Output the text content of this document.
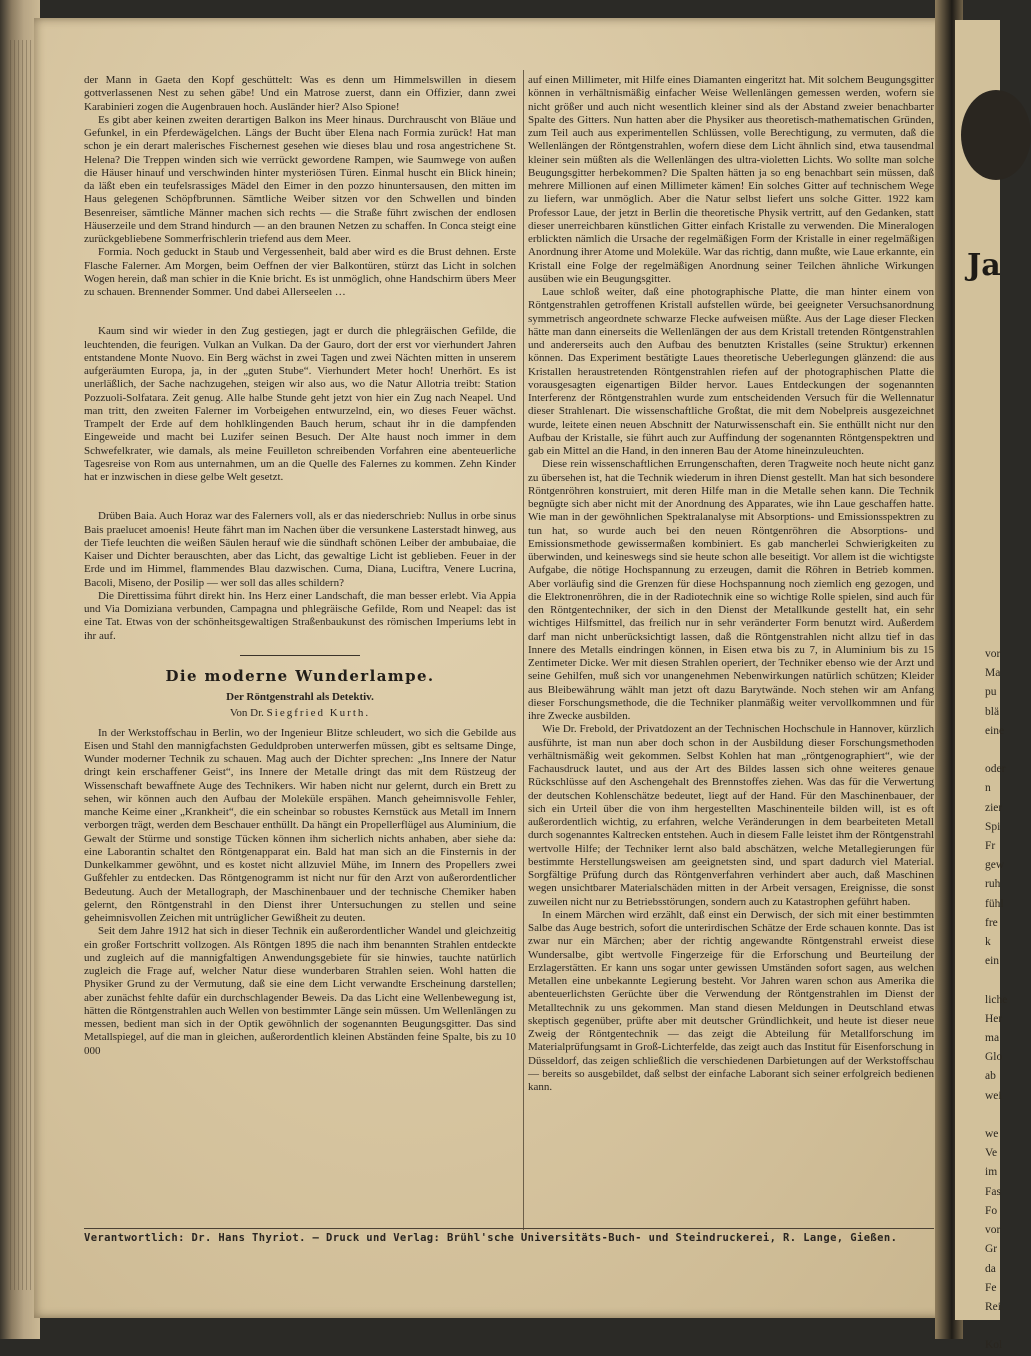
der Mann in Gaeta den Kopf geschüttelt: Was es denn um Himmelswillen in diesem gottverlassenen Nest zu sehen gäbe! Und ein Matrose zuerst, dann ein Offizier, dann zwei Karabinieri zogen die Augenbrauen hoch. Ausländer hier? Also Spione!

Es gibt aber keinen zweiten derartigen Balkon ins Meer hinaus. Durchrauscht von Bläue und Gefunkel, in ein Pferdewägelchen. Längs der Bucht über Elena nach Formia zurück! Hat man schon je ein derart malerisches Fischernest gesehen wie dieses blau und rosa angestrichene St. Helena? Die Treppen winden sich wie verrückt gewordene Rampen, wie Saumwege von außen die Häuser hinauf und verschwinden hinter mysteriösen Türen. Einmal huscht ein Blick hinein; da läßt eben ein teufelsrassiges Mädel den Eimer in den pozzo hinuntersausen, den mitten im Haus gelegenen Schöpfbrunnen. Sämtliche Weiber sitzen vor den Schwellen und binden Besenreiser, sämtliche Männer machen sich rechts — die Straße führt zwischen der endlosen Häuserzeile und dem Strand hindurch — an den braunen Netzen zu schaffen. In Conca steigt eine zurückgebliebene Sommerfrischlerin triefend aus dem Meer.

Formia. Noch geduckt in Staub und Vergessenheit, bald aber wird es die Brust dehnen. Erste Flasche Falerner. Am Morgen, beim Oeffnen der vier Balkontüren, stürzt das Licht in solchen Wogen herein, daß man schier in die Knie bricht. Es ist unmöglich, ohne Handschirm übers Meer zu schauen. Brennender Sommer. Und dabei Allerseelen …

Kaum sind wir wieder in den Zug gestiegen, jagt er durch die phlegräischen Gefilde, die leuchtenden, die feurigen. Vulkan an Vulkan. Da der Gauro, dort der erst vor vierhundert Jahren entstandene Monte Nuovo. Ein Berg wächst in zwei Tagen und zwei Nächten mitten in unserem aufgeräumten Europa, ja, in der „guten Stube“. Vierhundert Meter hoch! Unerhört. Es ist unerläßlich, der Sache nachzugehen, steigen wir also aus, wo die Natur Allotria treibt: Station Pozzuoli-Solfatara. Zeit genug. Alle halbe Stunde geht jetzt von hier ein Zug nach Neapel. Und man tritt, den zweiten Falerner im Vorbeigehen entwurzelnd, ein, wo dieses Feuer wächst. Trampelt der Erde auf dem hohlklingenden Bauch herum, schaut ihr in die dampfenden Eingeweide und macht bei Luzifer seinen Besuch. Der Alte haust noch immer in dem Schwefelkrater, wie damals, als meine Feuilleton schreibenden Vorfahren eine abenteuerliche Tagesreise von Rom aus unternahmen, um an die Quelle des Falernes zu kommen. Zehn Kinder hat er inzwischen in diese gelbe Welt gesetzt.

Drüben Baia. Auch Horaz war des Falerners voll, als er das niederschrieb: Nullus in orbe sinus Bais praelucet amoenis! Heute fährt man im Nachen über die versunkene Lasterstadt hinweg, aus der Tiefe leuchten die weißen Säulen herauf wie die sündhaft schönen Leiber der ambubaiae, die Kaiser und Dichter berauschten, aber das Licht, das gewaltige Licht ist geblieben. Feuer in der Erde und im Himmel, flammendes Blau dazwischen. Cuma, Diana, Luciftra, Venere Lucrina, Bacoli, Miseno, der Posilip — wer soll das alles schildern?

Die Direttissima führt direkt hin. Ins Herz einer Landschaft, die man besser erlebt. Via Appia und Via Domiziana verbunden, Campagna und phlegräische Gefilde, Rom und Neapel: das ist eine Tat. Etwas von der schönheitsgewaltigen Straßenbaukunst des römischen Imperiums lebt in ihr auf.

Die moderne Wunderlampe.
Der Röntgenstrahl als Detektiv.
Von Dr. Siegfried Kurth.

In der Werkstoffschau in Berlin, wo der Ingenieur Blitze schleudert, wo sich die Gebilde aus Eisen und Stahl den mannigfachsten Geduldproben unterwerfen müssen, gibt es seltsame Dinge, Wunder moderner Technik zu schauen. Mag auch der Dichter sprechen: „Ins Innere der Natur dringt kein erschaffener Geist“, ins Innere der Metalle dringt das mit dem Rüstzeug der Wissenschaft bewaffnete Auge des Technikers. Wir haben nicht nur gelernt, durch ein Brett zu sehen, wir können auch den Aufbau der Moleküle erspähen. Manch geheimnisvolle Fehler, manche Keime einer „Krankheit“, die ein scheinbar so robustes Kernstück aus Metall im Innern verborgen trägt, werden dem Beschauer enthüllt. Da hängt ein Propellerflügel aus Aluminium, die Gewalt der Stürme und sonstige Tücken können ihm sicherlich nichts anhaben, aber siehe da: eine Laborantin schaltet den Röntgenapparat ein. Bald hat man sich an die Finsternis in der Dunkelkammer gewöhnt, und es kostet nicht allzuviel Mühe, im Innern des Propellers zwei Gußfehler zu entdecken. Das Röntgenogramm ist nicht nur für den Arzt von außerordentlicher Bedeutung. Auch der Metallograph, der Maschinenbauer und der technische Chemiker haben gelernt, den Röntgenstrahl in den Dienst ihrer Untersuchungen zu stellen und seine geheimnisvollen Zeichen mit untrüglicher Gewißheit zu deuten.

Seit dem Jahre 1912 hat sich in dieser Technik ein außerordentlicher Wandel und gleichzeitig ein großer Fortschritt vollzogen. Als Röntgen 1895 die nach ihm benannten Strahlen entdeckte und zugleich auf die mannigfaltigen Anwendungsgebiete für sie hinwies, tauchte natürlich zugleich die Frage auf, welcher Natur diese wunderbaren Strahlen seien. Wohl hatten die Physiker Grund zu der Vermutung, daß sie eine dem Licht verwandte Erscheinung darstellen; aber zunächst fehlte dafür ein durchschlagender Beweis. Da das Licht eine Wellenbewegung ist, hätten die Röntgenstrahlen auch Wellen von bestimmter Länge sein müssen. Um Wellenlängen zu messen, bedient man sich in der Optik gewöhnlich der sogenannten Beugungsgitter. Das sind Metallspiegel, auf die man in gleichen, außerordentlich kleinen Abständen feine Spalte, bis zu 10 000

auf einen Millimeter, mit Hilfe eines Diamanten eingeritzt hat. Mit solchem Beugungsgitter können in verhältnismäßig einfacher Weise Wellenlängen gemessen werden, wofern sie nicht größer und auch nicht wesentlich kleiner sind als der Abstand zweier benachbarter Spalte des Gitters. Nun hatten aber die Physiker aus theoretisch-mathematischen Gründen, zum Teil auch aus experimentellen Schlüssen, volle Berechtigung, zu vermuten, daß die Wellenlängen der Röntgenstrahlen, wofern diese dem Licht ähnlich sind, etwa tausendmal kleiner sein müßten als die Wellenlängen des ultra-violetten Lichts. Wo sollte man solche Beugungsgitter herbekommen? Die Spalten hätten ja so eng benachbart sein müssen, daß mehrere Millionen auf einen Millimeter kämen! Ein solches Gitter auf technischem Wege zu liefern, war unmöglich. Aber die Natur selbst liefert uns solche Gitter. 1922 kam Professor Laue, der jetzt in Berlin die theoretische Physik vertritt, auf den Gedanken, statt dieser unerreichbaren künstlichen Gitter einfach Kristalle zu verwenden. Die Mineralogen erblickten nämlich die Ursache der regelmäßigen Form der Kristalle in einer regelmäßigen Anordnung ihrer Atome und Moleküle. War das richtig, dann mußte, wie Laue erkannte, ein Kristall eine Folge der regelmäßigen Anordnung seiner Teilchen ähnliche Wirkungen ausüben wie ein Beugungsgitter.

Laue schloß weiter, daß eine photographische Platte, die man hinter einem von Röntgenstrahlen getroffenen Kristall aufstellen würde, bei geeigneter Versuchsanordnung symmetrisch angeordnete schwarze Flecke aufweisen müßte. Aus der Lage dieser Flecken hätte man dann einerseits die Wellenlängen der aus dem Kristall tretenden Röntgenstrahlen und andererseits auch den Aufbau des benutzten Kristalles (seine Struktur) erkennen können. Das Experiment bestätigte Laues theoretische Ueberlegungen glänzend: die aus Kristallen heraustretenden Röntgenstrahlen riefen auf der photographischen Platte die vorausgesagten eigenartigen Bilder hervor. Laues Entdeckungen der sogenannten Interferenz der Röntgenstrahlen wurde zum entscheidenden Versuch für die Wellennatur dieser Strahlenart. Die wissenschaftliche Großtat, die mit dem Nobelpreis ausgezeichnet wurde, leitete einen neuen Abschnitt der Naturwissenschaft ein. Sie enthüllt nicht nur den Aufbau der Kristalle, sie führt auch zur Auffindung der sogenannten Röntgenspektren und gab ein Mittel an die Hand, in den inneren Bau der Atome hineinzuleuchten.

Diese rein wissenschaftlichen Errungenschaften, deren Tragweite noch heute nicht ganz zu übersehen ist, hat die Technik wiederum in ihren Dienst gestellt. Man hat sich besondere Röntgenröhren konstruiert, mit deren Hilfe man in die Metalle sehen kann. Die Technik begnügte sich aber nicht mit der Anordnung des Apparates, wie ihn Laue geschaffen hatte. Wie man in der gewöhnlichen Spektralanalyse mit Absorptions- und Emissionsspektren zu tun hat, so wurde auch bei den neuen Röntgenröhren die Absorptions- und Emissionsmethode gewissermaßen kombiniert. Es gab mancherlei Schwierigkeiten zu überwinden, und keineswegs sind sie heute schon alle beseitigt. Vor allem ist die wichtigste Aufgabe, die nötige Hochspannung zu erzeugen, damit die Röhren in Betrieb kommen. Aber vorläufig sind die Grenzen für diese Hochspannung noch ziemlich eng gezogen, und die Elektronenröhren, die in der Radiotechnik eine so wichtige Rolle spielen, sind auch für den Röntgentechniker, der sich in den Dienst der Metallkunde gestellt hat, ein sehr wichtiges Hilfsmittel, das freilich nur in sehr veränderter Form benutzt wird. Außerdem darf man nicht unberücksichtigt lassen, daß die Röntgenstrahlen nicht allzu tief in das Innere des Metalls eindringen können, in Eisen etwa bis zu 7, in Aluminium bis zu 15 Zentimeter Dicke. Wer mit diesen Strahlen operiert, der Techniker ebenso wie der Arzt und seine Gehilfen, muß sich vor unangenehmen Nebenwirkungen natürlich schützen; Kleider aus Bleibewährung wählt man jetzt oft dazu Barytwände. Noch stehen wir am Anfang dieser Forschungsmethode, die die Techniker planmäßig weiter vervollkommnen und für ihre Zwecke ausbilden.

Wie Dr. Frebold, der Privatdozent an der Technischen Hochschule in Hannover, kürzlich ausführte, ist man nun aber doch schon in der Ausbildung dieser Forschungsmethoden verhältnismäßig weit gekommen. Selbst Kohlen hat man „röntgenographiert“, wie der Fachausdruck lautet, und aus der Art des Bildes lassen sich ohne weiteres genaue Rückschlüsse auf den Aschengehalt des Brennstoffes ziehen. Was das für die Verwertung der deutschen Kohlenschätze bedeutet, liegt auf der Hand. Für den Maschinenbauer, der sich ein Urteil über die von ihm hergestellten Maschinenteile bilden will, ist es oft außerordentlich wichtig, zu erfahren, welche Veränderungen in dem bearbeiteten Metall durch sogenanntes Kaltrecken entstehen. Auch in diesem Falle leistet ihm der Röntgenstrahl wertvolle Hilfe; der Techniker lernt also bald abschätzen, welche Metallegierungen für bestimmte Herstellungsweisen am geeignetsten sind, und spart dadurch viel Material. Sorgfältige Prüfung durch das Röntgenverfahren verhindert aber auch, daß Maschinen wegen unsichtbarer Materialschäden mitten in der Arbeit versagen, Ereignisse, die sonst zuweilen nicht nur zu Betriebsstörungen, sondern auch zu Katastrophen geführt haben.

In einem Märchen wird erzählt, daß einst ein Derwisch, der sich mit einer bestimmten Salbe das Auge bestrich, sofort die unterirdischen Schätze der Erde schauen konnte. Das ist zwar nur ein Märchen; aber der richtig angewandte Röntgenstrahl erweist diese Wundersalbe, gibt wertvolle Fingerzeige für die Erforschung und Beurteilung der Erzlagerstätten. Er kann uns sogar unter gewissen Umständen sofort sagen, aus welchen Metallen eine unbekannte Legierung besteht. Vor Jahren waren schon aus Amerika die abenteuerlichsten Gerüchte über die Verwendung der Röntgenstrahlen im Dienst der Metalltechnik zu uns gekommen. Man stand diesen Meldungen in Deutschland etwas skeptisch gegenüber, prüfte aber mit deutscher Gründlichkeit, und heute ist dieser neue Zweig der Röntgentechnik — das zeigt die Abteilung für Metallforschung im Materialprüfungsamt in Groß-Lichterfelde, das zeigt auch das Institut für Eisenforschung in Düsseldorf, das zeigen schließlich die verschiedenen Darbietungen auf der Werkstoffschau — bereits so ausgebildet, daß selbst der einfache Laborant sich seiner erfolgreich bedienen kann.

Verantwortlich: Dr. Hans Thyriot. — Druck und Verlag: Brühl'sche Universitäts-Buch- und Steindruckerei, R. Lange, Gießen.
Ja
vor
Ma
pu
blä
eine

oder
n
zier
Spi
Fr
gew
ruh
fühl
fre
k
ein

liche
Her
ma
Glo
ab
wei

we
Ve
im
Fas
Fo
vor
Gr
da
Fe
Rei

Kol
